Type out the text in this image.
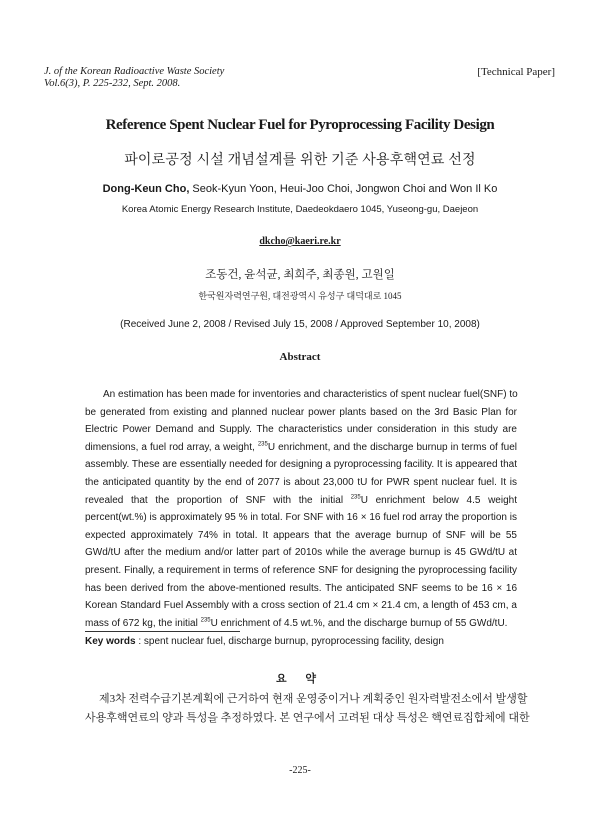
J. of the Korean Radioactive Waste Society
Vol.6(3), P. 225-232, Sept. 2008.
[Technical Paper]
Reference Spent Nuclear Fuel for Pyroprocessing Facility Design
파이로공정 시설 개념설계를 위한 기준 사용후핵연료 선정
Dong-Keun Cho, Seok-Kyun Yoon, Heui-Joo Choi, Jongwon Choi and Won Il Ko
Korea Atomic Energy Research Institute, Daedeokdaero 1045, Yuseong-gu, Daejeon
dkcho@kaeri.re.kr
조동건, 윤석균, 최희주, 최종원, 고원일
한국원자력연구원, 대전광역시 유성구 대덕대로 1045
(Received June 2, 2008 / Revised July 15, 2008 / Approved September 10, 2008)
Abstract

An estimation has been made for inventories and characteristics of spent nuclear fuel(SNF) to
be generated from existing and planned nuclear power plants based on the 3rd Basic Plan for
Electric Power Demand and Supply. The characteristics under consideration in this study are
dimensions, a fuel rod array, a weight, $^{235}$U enrichment, and the discharge burnup in terms of fuel
assembly. These are essentially needed for designing a pyroprocessing facility. It is appeared that
the anticipated quantity by the end of 2077 is about 23,000 tU for PWR spent nuclear fuel. It is
revealed that the proportion of SNF with the initial $^{235}$U enrichment below 4.5 weight
percent(wt.%) is approximately 95 % in total. For SNF with 16 × 16 fuel rod array the proportion is
expected approximately 74% in total. It appears that the average burnup of SNF will be 55
GWd/tU after the medium and/or latter part of 2010s while the average burnup is 45 GWd/tU at
present. Finally, a requirement in terms of reference SNF for designing the pyroprocessing facility
has been derived from the above-mentioned results. The anticipated SNF seems to be 16 × 16
Korean Standard Fuel Assembly with a cross section of 21.4 cm × 21.4 cm, a length of 453 cm, a
mass of 672 kg, the initial $^{235}$U enrichment of 4.5 wt.%, and the discharge burnup of 55 GWd/tU.

Key words : spent nuclear fuel, discharge burnup, pyroprocessing facility, design
요 약

제3차 전력수급기본계획에 근거하여 현재 운영중이거나 계획중인 원자력발전소에서 발생할
사용후핵연료의 양과 특성을 추정하였다. 본 연구에서 고려된 대상 특성은 핵연료집합체에 대한

-225-
